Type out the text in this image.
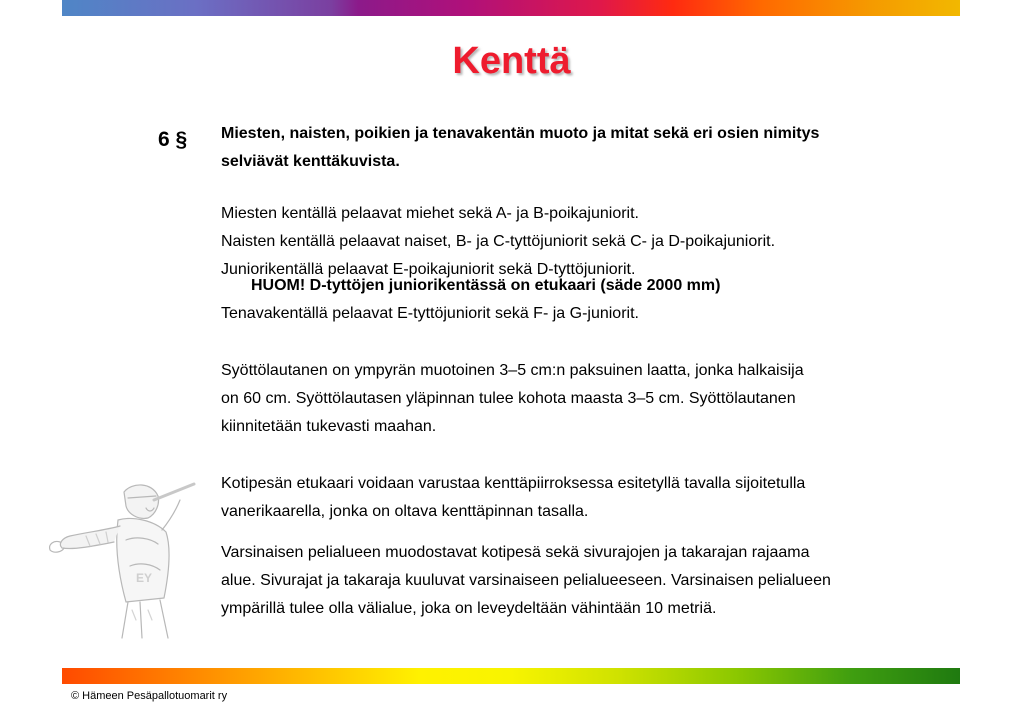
Kenttä
6 § Miesten, naisten, poikien ja tenavakentän muoto ja mitat sekä eri osien nimitys

selviävät kenttäkuvista.

Miesten kentällä pelaavat miehet sekä A- ja B-poikajuniorit.

Naisten kentällä pelaavat naiset, B- ja C-tyttöjuniorit sekä C- ja D-poikajuniorit.

Juniorikentällä pelaavat E-poikajuniorit sekä D-tyttöjuniorit.

HUOM! D-tyttöjen juniorikentässä on etukaari (säde 2000 mm)

Tenavakentällä pelaavat E-tyttöjuniorit sekä F- ja G-juniorit.

Syöttölautanen on ympyrän muotoinen 3–5 cm:n paksuinen laatta, jonka halkaisija

on 60 cm. Syöttölautasen yläpinnan tulee kohota maasta 3–5 cm. Syöttölautanen

kiinnitetään tukevasti maahan.

Kotipesän etukaari voidaan varustaa kenttäpiirroksessa esitetyllä tavalla sijoitetulla

vanerikaarella, jonka on oltava kenttäpinnan tasalla.

Varsinaisen pelialueen muodostavat kotipesä sekä sivurajojen ja takarajan rajaama

alue. Sivurajat ja takaraja kuuluvat varsinaiseen pelialueeseen. Varsinaisen pelialueen

ympärillä tulee olla välialue, joka on leveydeltään vähintään 10 metriä.

EY
© Hämeen Pesäpallotuomarit ry
